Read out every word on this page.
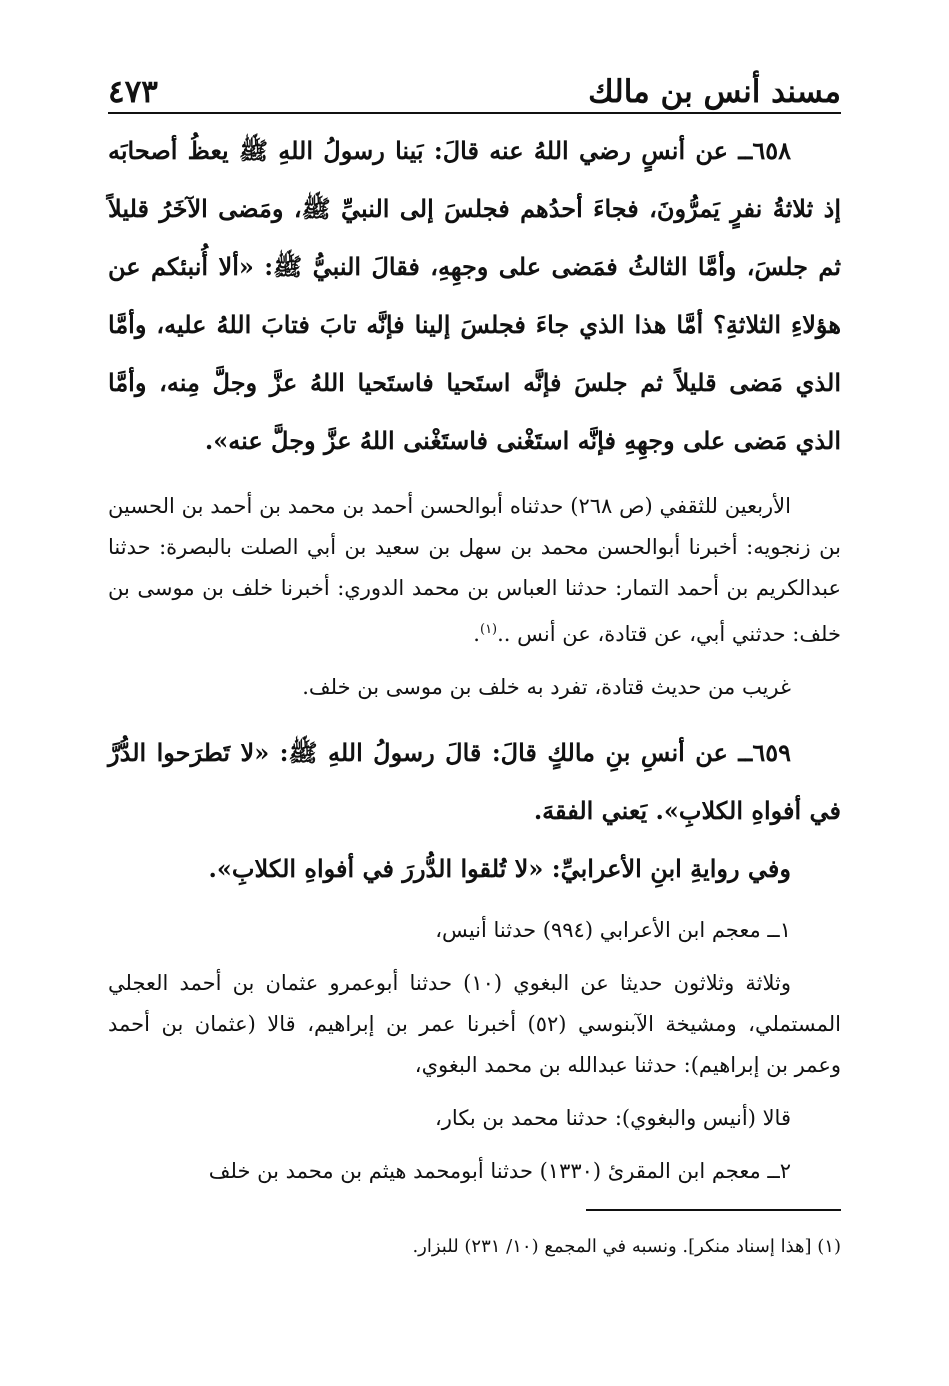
مسند أنس بن مالك
٤٧٣

٦٥٨ــ عن أنسٍ رضي اللهُ عنه قالَ: بَينا رسولُ اللهِ ﷺ يعظُ أصحابَه إذ ثلاثةُ نفرٍ يَمرُّونَ، فجاءَ أحدُهم فجلسَ إلى النبيِّ ﷺ، ومَضى الآخَرُ قليلاً ثم جلسَ، وأمَّا الثالثُ فمَضى على وجهِهِ، فقالَ النبيُّ ﷺ: «ألا أُنبئكم عن هؤلاءِ الثلاثةِ؟ أمَّا هذا الذي جاءَ فجلسَ إلينا فإنَّه تابَ فتابَ اللهُ عليه، وأمَّا الذي مَضى قليلاً ثم جلسَ فإنَّه استَحيا فاستَحيا اللهُ عزَّ وجلَّ مِنه، وأمَّا الذي مَضى على وجهِهِ فإنَّه استَغْنى فاستَغْنى اللهُ عزَّ وجلَّ عنه».

الأربعين للثقفي (ص ٢٦٨) حدثناه أبوالحسن أحمد بن محمد بن أحمد بن الحسين بن زنجويه: أخبرنا أبوالحسن محمد بن سهل بن سعيد بن أبي الصلت بالبصرة: حدثنا عبدالكريم بن أحمد التمار: حدثنا العباس بن محمد الدوري: أخبرنا خلف بن موسى بن خلف: حدثني أبي، عن قتادة، عن أنس ..$^{(١)}$.

غريب من حديث قتادة، تفرد به خلف بن موسى بن خلف.

٦٥٩ــ عن أنسِ بنِ مالكٍ قالَ: قالَ رسولُ اللهِ ﷺ: «لا تَطرَحوا الدُّرَّ في أفواهِ الكلابِ». يَعني الفقهَ.

وفي روايةِ ابنِ الأعرابيِّ: «لا تُلقوا الدُّررَ في أفواهِ الكلابِ».

١ــ معجم ابن الأعرابي (٩٩٤) حدثنا أنيس،

وثلاثة وثلاثون حديثا عن البغوي (١٠) حدثنا أبوعمرو عثمان بن أحمد العجلي المستملي، ومشيخة الآبنوسي (٥٢) أخبرنا عمر بن إبراهيم، قالا (عثمان بن أحمد وعمر بن إبراهيم): حدثنا عبدالله بن محمد البغوي،

قالا (أنيس والبغوي): حدثنا محمد بن بكار،

٢ــ معجم ابن المقرئ (١٣٣٠) حدثنا أبومحمد هيثم بن محمد بن خلف

(١) [هذا إسناد منكر]. ونسبه في المجمع (١٠/ ٢٣١) للبزار.
